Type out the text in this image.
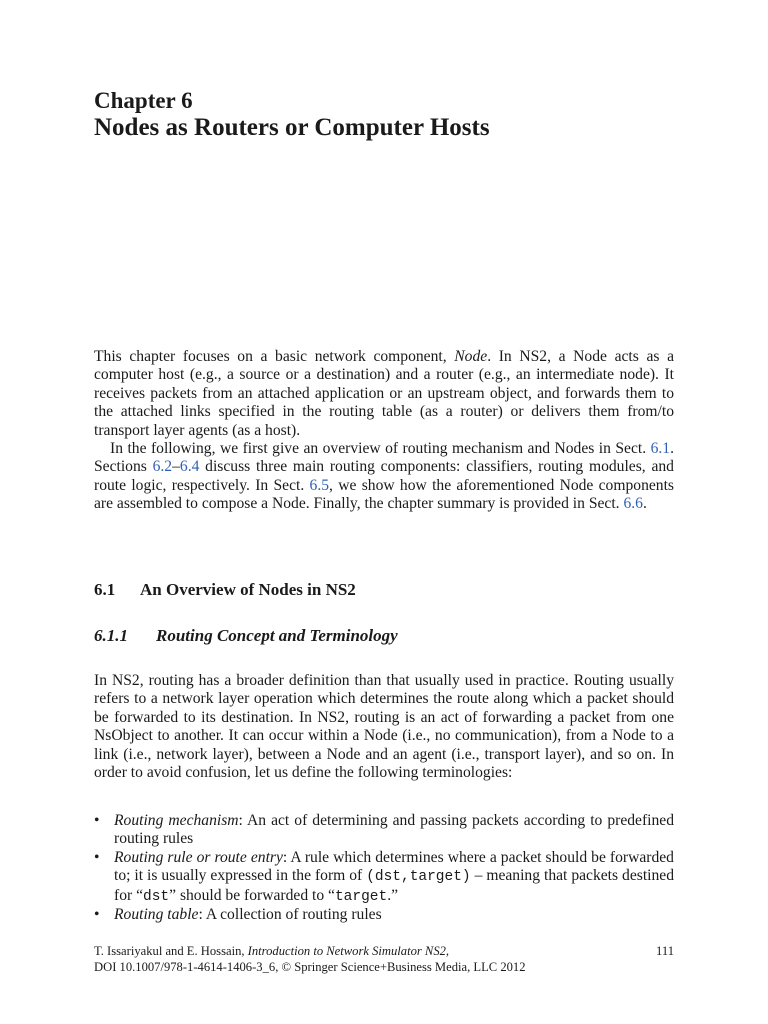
Chapter 6
Nodes as Routers or Computer Hosts

This chapter focuses on a basic network component, Node. In NS2, a Node acts as a computer host (e.g., a source or a destination) and a router (e.g., an intermediate node). It receives packets from an attached application or an upstream object, and forwards them to the attached links specified in the routing table (as a router) or delivers them from/to transport layer agents (as a host).

In the following, we first give an overview of routing mechanism and Nodes in Sect. 6.1. Sections 6.2–6.4 discuss three main routing components: classifiers, routing modules, and route logic, respectively. In Sect. 6.5, we show how the aforementioned Node components are assembled to compose a Node. Finally, the chapter summary is provided in Sect. 6.6.

6.1 An Overview of Nodes in NS2
6.1.1 Routing Concept and Terminology

In NS2, routing has a broader definition than that usually used in practice. Routing usually refers to a network layer operation which determines the route along which a packet should be forwarded to its destination. In NS2, routing is an act of forwarding a packet from one NsObject to another. It can occur within a Node (i.e., no communication), from a Node to a link (i.e., network layer), between a Node and an agent (i.e., transport layer), and so on. In order to avoid confusion, let us define the following terminologies:

• Routing mechanism: An act of determining and passing packets according to predefined routing rules
• Routing rule or route entry: A rule which determines where a packet should be forwarded to; it is usually expressed in the form of (dst,target) – meaning that packets destined for “dst” should be forwarded to “target.”
• Routing table: A collection of routing rules
T. Issariyakul and E. Hossain, Introduction to Network Simulator NS2,	111
DOI 10.1007/978-1-4614-1406-3_6, © Springer Science+Business Media, LLC 2012
